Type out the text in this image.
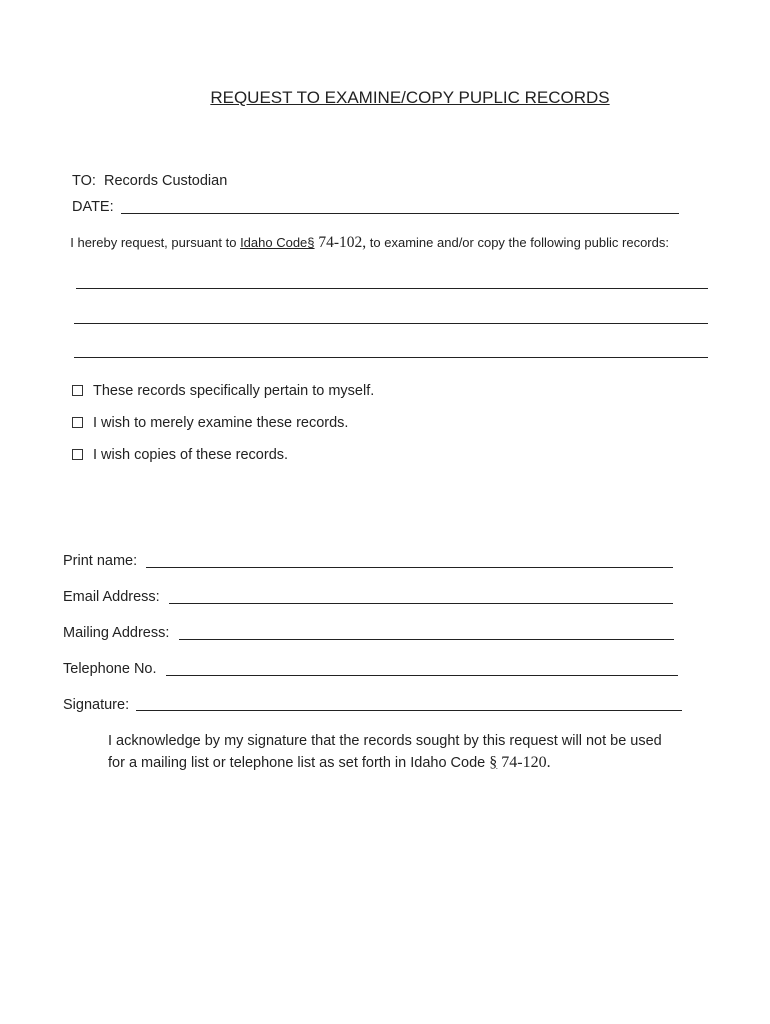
REQUEST TO EXAMINE/COPY PUPLIC RECORDS
TO: Records Custodian
DATE:
I hereby request, pursuant to Idaho Code§ 74-102, to examine and/or copy the following public records:
These records specifically pertain to myself.
I wish to merely examine these records.
I wish copies of these records.
Print name:
Email Address:
Mailing Address:
Telephone No.
Signature:
I acknowledge by my signature that the records sought by this request will not be used for a mailing list or telephone list as set forth in Idaho Code § 74-120.
